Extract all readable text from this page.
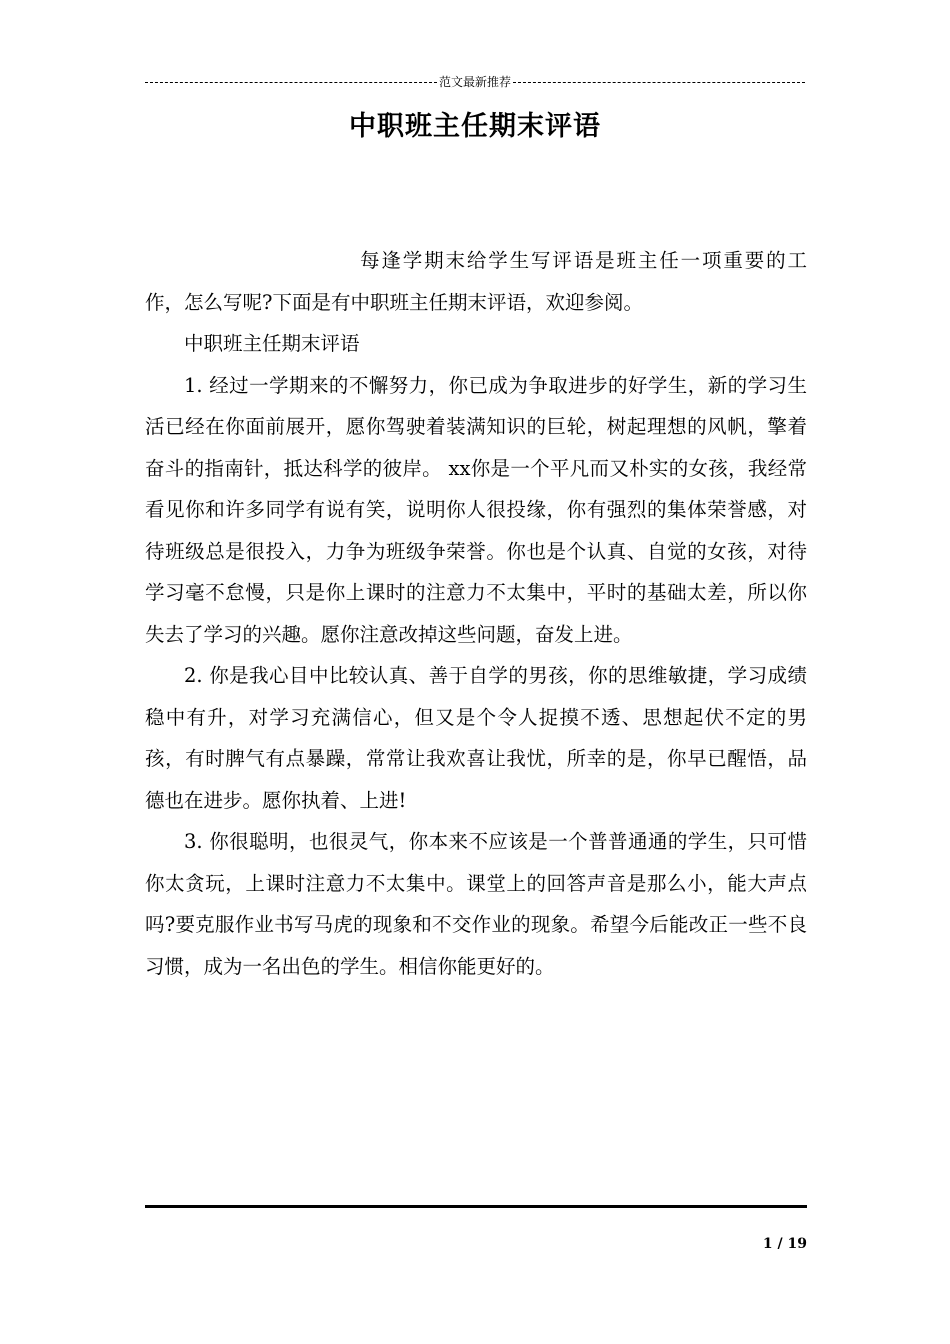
范文最新推荐
中职班主任期末评语

每逢学期末给学生写评语是班主任一项重要的工作，怎么写呢?下面是有中职班主任期末评语，欢迎参阅。

中职班主任期末评语

1. 经过一学期来的不懈努力，你已成为争取进步的好学生，新的学习生活已经在你面前展开，愿你驾驶着装满知识的巨轮，树起理想的风帆，擎着奋斗的指南针，抵达科学的彼岸。 xx你是一个平凡而又朴实的女孩，我经常看见你和许多同学有说有笑，说明你人很投缘，你有强烈的集体荣誉感，对待班级总是很投入，力争为班级争荣誉。你也是个认真、自觉的女孩，对待学习毫不怠慢，只是你上课时的注意力不太集中，平时的基础太差，所以你失去了学习的兴趣。愿你注意改掉这些问题，奋发上进。

2. 你是我心目中比较认真、善于自学的男孩，你的思维敏捷，学习成绩稳中有升，对学习充满信心，但又是个令人捉摸不透、思想起伏不定的男孩，有时脾气有点暴躁，常常让我欢喜让我忧，所幸的是，你早已醒悟，品德也在进步。愿你执着、上进!

3. 你很聪明，也很灵气，你本来不应该是一个普普通通的学生，只可惜你太贪玩，上课时注意力不太集中。课堂上的回答声音是那么小，能大声点吗?要克服作业书写马虎的现象和不交作业的现象。希望今后能改正一些不良习惯，成为一名出色的学生。相信你能更好的。

1 / 19
